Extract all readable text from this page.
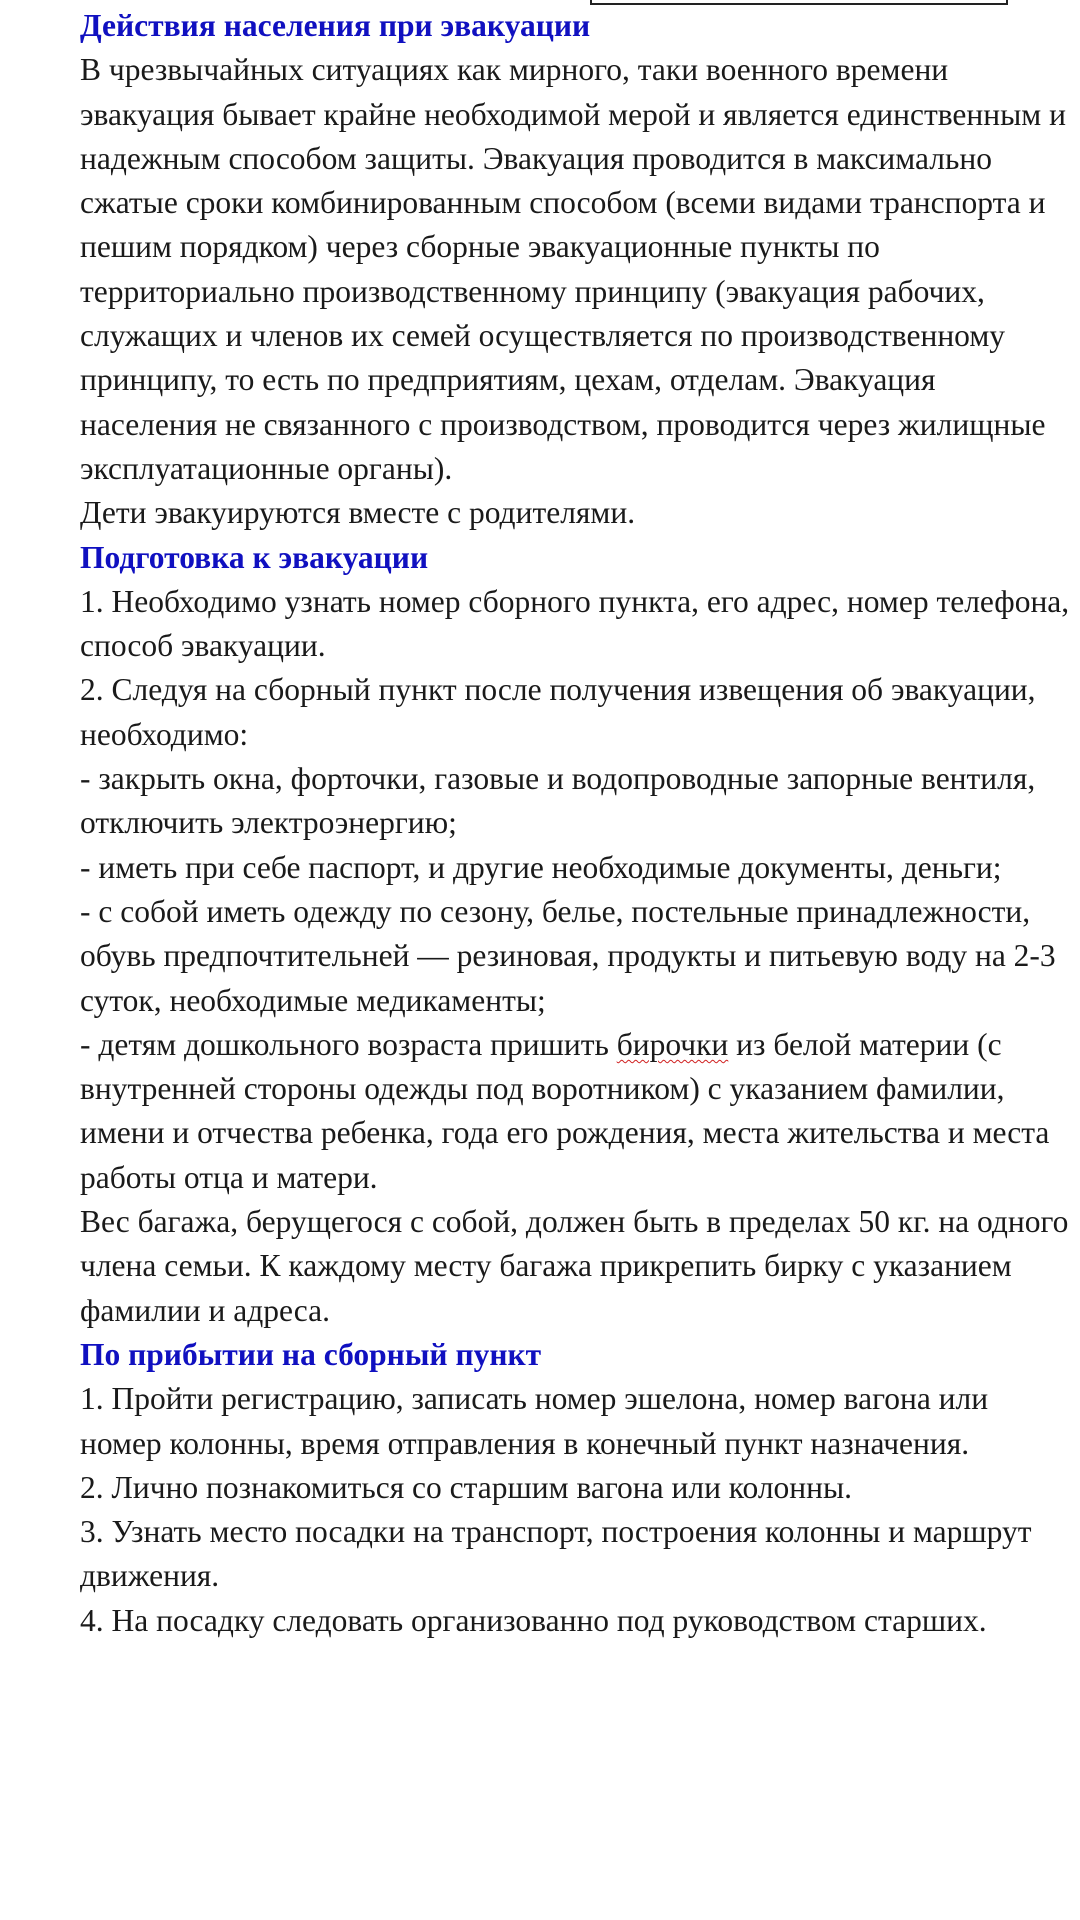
Действия населения при эвакуации

В чрезвычайных ситуациях как мирного, таки военного времени эвакуация бывает крайне необходимой мерой и является единственным и надежным способом защиты. Эвакуация проводится в максимально сжатые сроки комбинированным способом (всеми видами транспорта и пешим порядком) через сборные эвакуационные пункты по территориально производственному принципу (эвакуация рабочих, служащих и членов их семей осуществляется по производственному принципу, то есть по предприятиям, цехам, отделам. Эвакуация населения не связанного с производством, проводится через жилищные эксплуатационные органы).

Дети эвакуируются вместе с родителями.

Подготовка к эвакуации

1. Необходимо узнать номер сборного пункта, его адрес, номер телефона, способ эвакуации.

2. Следуя на сборный пункт после получения извещения об эвакуации, необходимо:

- закрыть окна, форточки, газовые и водопроводные запорные вентиля, отключить электроэнергию;

- иметь при себе паспорт, и другие необходимые документы, деньги;

- с собой иметь одежду по сезону, белье, постельные принадлежности, обувь предпочтительней — резиновая, продукты и питьевую воду на 2-3 суток, необходимые медикаменты;

- детям дошкольного возраста пришить бирочки из белой материи (с внутренней стороны одежды под воротником) с указанием фамилии, имени и отчества ребенка, года его рождения, места жительства и места работы отца и матери.

Вес багажа, берущегося с собой, должен быть в пределах 50 кг. на одного члена семьи. К каждому месту багажа прикрепить бирку с указанием фамилии и адреса.

По прибытии на сборный пункт

1. Пройти регистрацию, записать номер эшелона, номер вагона или номер колонны, время отправления в конечный пункт назначения.

2. Лично познакомиться со старшим вагона или колонны.

3. Узнать место посадки на транспорт, построения колонны и маршрут движения.

4. На посадку следовать организованно под руководством старших.
